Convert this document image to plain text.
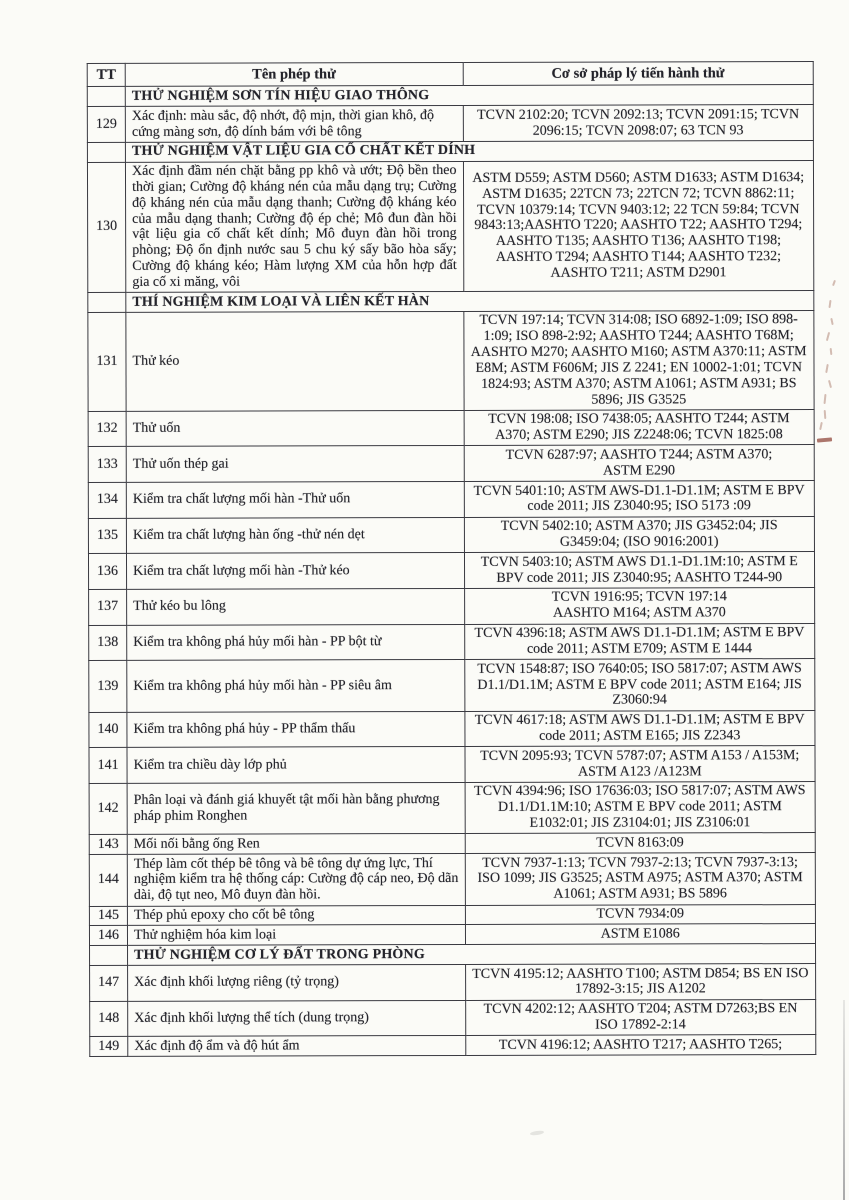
TT	Tên phép thử	Cơ sở pháp lý tiến hành thử
	THỬ NGHIỆM SƠN TÍN HIỆU GIAO THÔNG	
129	Xác định: màu sắc, độ nhớt, độ mịn, thời gian khô, độ cứng màng sơn, độ dính bám với bê tông	TCVN 2102:20; TCVN 2092:13; TCVN 2091:15; TCVN 2096:15; TCVN 2098:07; 63 TCN 93
	THỬ NGHIỆM VẬT LIỆU GIA CỐ CHẤT KẾT DÍNH	
130	Xác định đầm nén chặt bằng pp khô và ướt; Độ bền theo thời gian; Cường độ kháng nén của mẫu dạng trụ; Cường độ kháng nén của mẫu dạng thanh; Cường độ kháng kéo của mẫu dạng thanh; Cường độ ép chẻ; Mô đun đàn hồi vật liệu gia cố chất kết dính; Mô đuyn đàn hồi trong phòng; Độ ổn định nước sau 5 chu ký sấy bão hòa sấy; Cường độ kháng kéo; Hàm lượng XM của hỗn hợp đất gia cố xi măng, vôi	ASTM D559; ASTM D560; ASTM D1633; ASTM D1634; ASTM D1635; 22TCN 73; 22TCN 72; TCVN 8862:11; TCVN 10379:14; TCVN 9403:12; 22 TCN 59:84; TCVN 9843:13;AASHTO T220; AASHTO T22; AASHTO T294; AASHTO T135; AASHTO T136; AASHTO T198; AASHTO T294; AASHTO T144; AASHTO T232; AASHTO T211; ASTM D2901
	THÍ NGHIỆM KIM LOẠI VÀ LIÊN KẾT HÀN	
131	Thử kéo	TCVN 197:14; TCVN 314:08; ISO 6892-1:09; ISO 898-1:09; ISO 898-2:92; AASHTO T244; AASHTO T68M; AASHTO M270; AASHTO M160; ASTM A370:11; ASTM E8M; ASTM F606M; JIS Z 2241; EN 10002-1:01; TCVN 1824:93; ASTM A370; ASTM A1061; ASTM A931; BS 5896; JIS G3525
132	Thử uốn	TCVN 198:08; ISO 7438:05; AASHTO T244; ASTM A370; ASTM E290; JIS Z2248:06; TCVN 1825:08
133	Thử uốn thép gai	TCVN 6287:97; AASHTO T244; ASTM A370;
ASTM E290
134	Kiểm tra chất lượng mối hàn -Thử uốn	TCVN 5401:10; ASTM AWS-D1.1-D1.1M; ASTM E BPV code 2011; JIS Z3040:95; ISO 5173 :09
135	Kiểm tra chất lượng hàn ống -thử nén dẹt	TCVN 5402:10; ASTM A370; JIS G3452:04; JIS G3459:04; (ISO 9016:2001)
136	Kiểm tra chất lượng mối hàn -Thử kéo	TCVN 5403:10; ASTM AWS D1.1-D1.1M:10; ASTM E BPV code 2011; JIS Z3040:95; AASHTO T244-90
137	Thử kéo bu lông	TCVN 1916:95; TCVN 197:14
AASHTO M164; ASTM A370
138	Kiểm tra không phá hủy mối hàn - PP bột từ	TCVN 4396:18; ASTM AWS D1.1-D1.1M; ASTM E BPV code 2011; ASTM E709; ASTM E 1444
139	Kiểm tra không phá hủy mối hàn - PP siêu âm	TCVN 1548:87; ISO 7640:05; ISO 5817:07; ASTM AWS D1.1/D1.1M; ASTM E BPV code 2011; ASTM E164; JIS Z3060:94
140	Kiểm tra không phá hủy - PP thẩm thấu	TCVN 4617:18; ASTM AWS D1.1-D1.1M; ASTM E BPV code 2011; ASTM E165; JIS Z2343
141	Kiểm tra chiều dày lớp phủ	TCVN 2095:93; TCVN 5787:07; ASTM A153 / A153M; ASTM A123 /A123M
142	Phân loại và đánh giá khuyết tật mối hàn bằng phương pháp phim Ronghen	TCVN 4394:96; ISO 17636:03; ISO 5817:07; ASTM AWS D1.1/D1.1M:10; ASTM E BPV code 2011; ASTM E1032:01; JIS Z3104:01; JIS Z3106:01
143	Mối nối bằng ống Ren	TCVN 8163:09
144	Thép làm cốt thép bê tông và bê tông dự ứng lực, Thí nghiệm kiểm tra hệ thống cáp: Cường độ cáp neo, Độ dãn dài, độ tụt neo, Mô đuyn đàn hồi.	TCVN 7937-1:13; TCVN 7937-2:13; TCVN 7937-3:13; ISO 1099; JIS G3525; ASTM A975; ASTM A370; ASTM A1061; ASTM A931; BS 5896
145	Thép phủ epoxy cho cốt bê tông	TCVN 7934:09
146	Thử nghiệm hóa kim loại	ASTM E1086
	THỬ NGHIỆM CƠ LÝ ĐẤT TRONG PHÒNG	
147	Xác định khối lượng riêng (tỷ trọng)	TCVN 4195:12; AASHTO T100; ASTM D854; BS EN ISO 17892-3:15; JIS A1202
148	Xác định khối lượng thể tích (dung trọng)	TCVN 4202:12; AASHTO T204; ASTM D7263;BS EN ISO 17892-2:14
149	Xác định độ ẩm và độ hút ẩm	TCVN 4196:12; AASHTO T217; AASHTO T265;
